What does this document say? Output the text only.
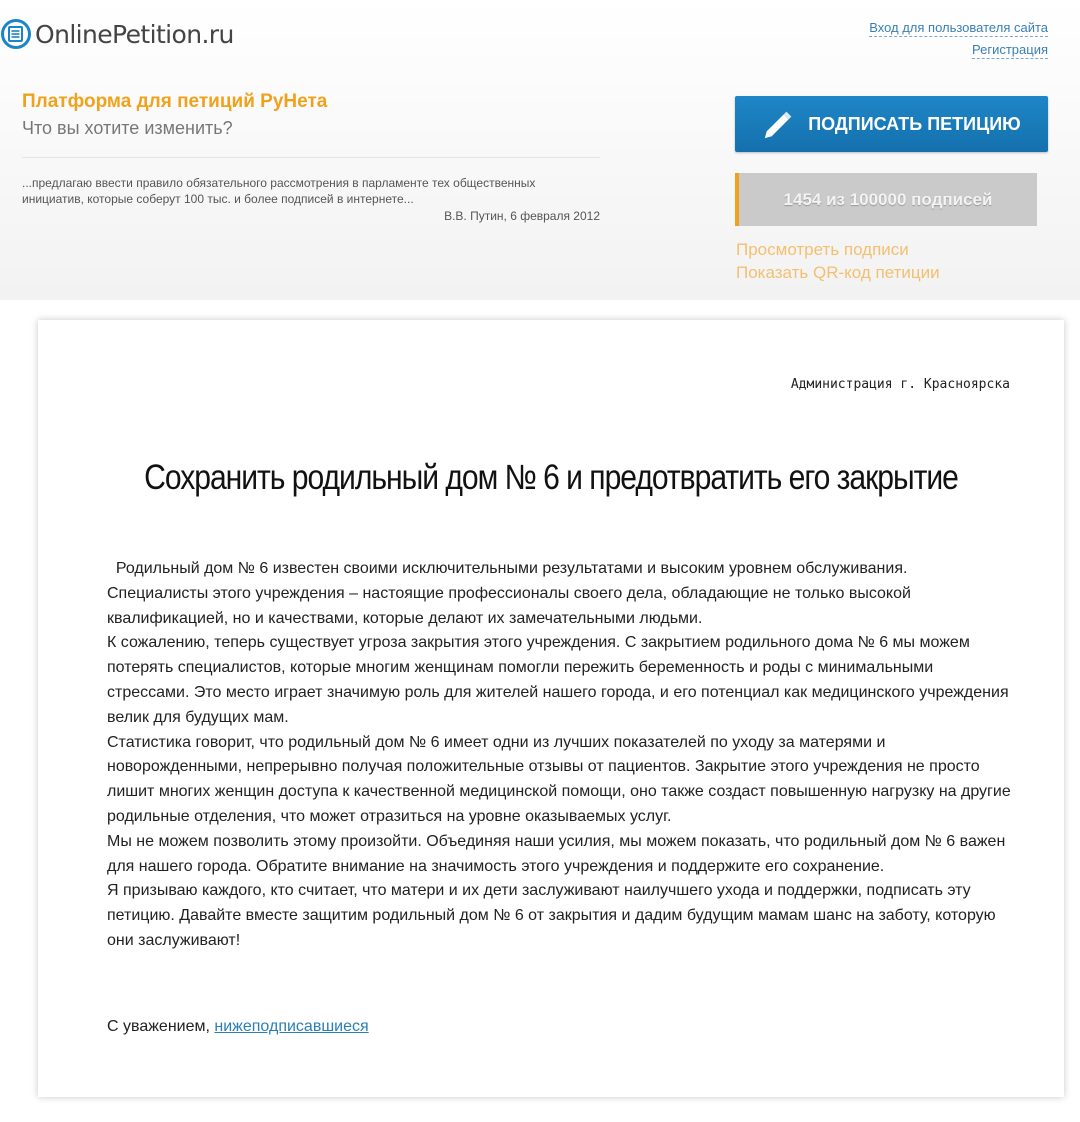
OnlinePetition.ru	Вход для пользователя сайта
Регистрация
Платформа для петиций РуНета
Что вы хотите изменить?
...предлагаю ввести правило обязательного рассмотрения в парламенте тех общественных инициатив, которые соберут 100 тыс. и более подписей в интернете...
В.В. Путин, 6 февраля 2012
ПОДПИСАТЬ ПЕТИЦИЮ
1454 из 100000 подписей
Просмотреть подписи
Показать QR-код петиции
Администрация г. Красноярска
Сохранить родильный дом № 6 и предотвратить его закрытие

Родильный дом № 6 известен своими исключительными результатами и высоким уровнем обслуживания. Специалисты этого учреждения – настоящие профессионалы своего дела, обладающие не только высокой квалификацией, но и качествами, которые делают их замечательными людьми.

К сожалению, теперь существует угроза закрытия этого учреждения. С закрытием родильного дома № 6 мы можем потерять специалистов, которые многим женщинам помогли пережить беременность и роды с минимальными стрессами. Это место играет значимую роль для жителей нашего города, и его потенциал как медицинского учреждения велик для будущих мам.

Статистика говорит, что родильный дом № 6 имеет одни из лучших показателей по уходу за матерями и новорожденными, непрерывно получая положительные отзывы от пациентов. Закрытие этого учреждения не просто лишит многих женщин доступа к качественной медицинской помощи, оно также создаст повышенную нагрузку на другие родильные отделения, что может отразиться на уровне оказываемых услуг.

Мы не можем позволить этому произойти. Объединяя наши усилия, мы можем показать, что родильный дом № 6 важен для нашего города. Обратите внимание на значимость этого учреждения и поддержите его сохранение.

Я призываю каждого, кто считает, что матери и их дети заслуживают наилучшего ухода и поддержки, подписать эту петицию. Давайте вместе защитим родильный дом № 6 от закрытия и дадим будущим мамам шанс на заботу, которую они заслуживают!

С уважением, нижеподписавшиеся
